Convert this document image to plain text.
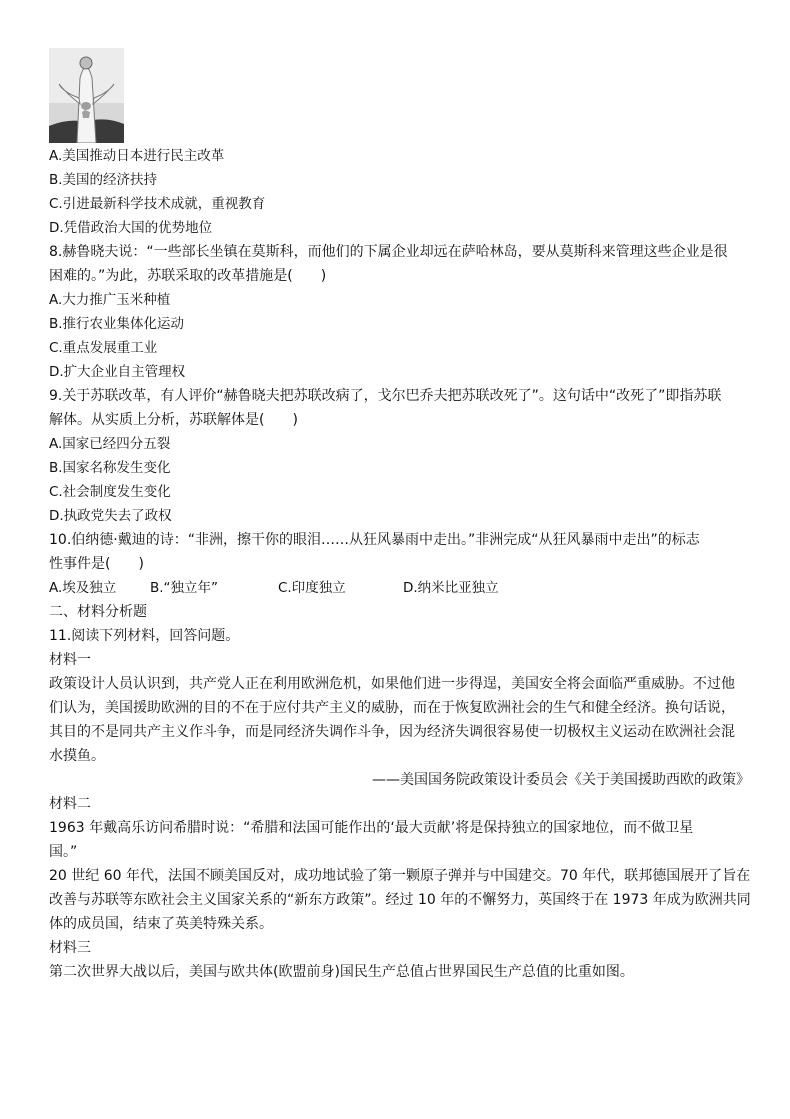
A.美国推动日本进行民主改革
B.美国的经济扶持
C.引进最新科学技术成就，重视教育
D.凭借政治大国的优势地位
8.赫鲁晓夫说：“一些部长坐镇在莫斯科，而他们的下属企业却远在萨哈林岛，要从莫斯科来管理这些企业是很
困难的。”为此，苏联采取的改革措施是(　　)
A.大力推广玉米种植
B.推行农业集体化运动
C.重点发展重工业
D.扩大企业自主管理权
9.关于苏联改革，有人评价“赫鲁晓夫把苏联改病了，戈尔巴乔夫把苏联改死了”。这句话中“改死了”即指苏联
解体。从实质上分析，苏联解体是(　　)
A.国家已经四分五裂
B.国家名称发生变化
C.社会制度发生变化
D.执政党失去了政权
10.伯纳德·戴迪的诗：“非洲，擦干你的眼泪……从狂风暴雨中走出。”非洲完成“从狂风暴雨中走出”的标志
性事件是(　　)
A.埃及独立 B.“独立年”	C.印度独立	D.纳米比亚独立
二、材料分析题
11.阅读下列材料，回答问题。
材料一
政策设计人员认识到，共产党人正在利用欧洲危机，如果他们进一步得逞，美国安全将会面临严重威胁。不过他
们认为，美国援助欧洲的目的不在于应付共产主义的威胁，而在于恢复欧洲社会的生气和健全经济。换句话说，
其目的不是同共产主义作斗争，而是同经济失调作斗争，因为经济失调很容易使一切极权主义运动在欧洲社会混
水摸鱼。
——美国国务院政策设计委员会《关于美国援助西欧的政策》
材料二
1963 年戴高乐访问希腊时说：“希腊和法国可能作出的‘最大贡献’将是保持独立的国家地位，而不做卫星
国。”
20 世纪 60 年代，法国不顾美国反对，成功地试验了第一颗原子弹并与中国建交。70 年代，联邦德国展开了旨在
改善与苏联等东欧社会主义国家关系的“新东方政策”。经过 10 年的不懈努力，英国终于在 1973 年成为欧洲共同
体的成员国，结束了英美特殊关系。
材料三
第二次世界大战以后，美国与欧共体(欧盟前身)国民生产总值占世界国民生产总值的比重如图。
